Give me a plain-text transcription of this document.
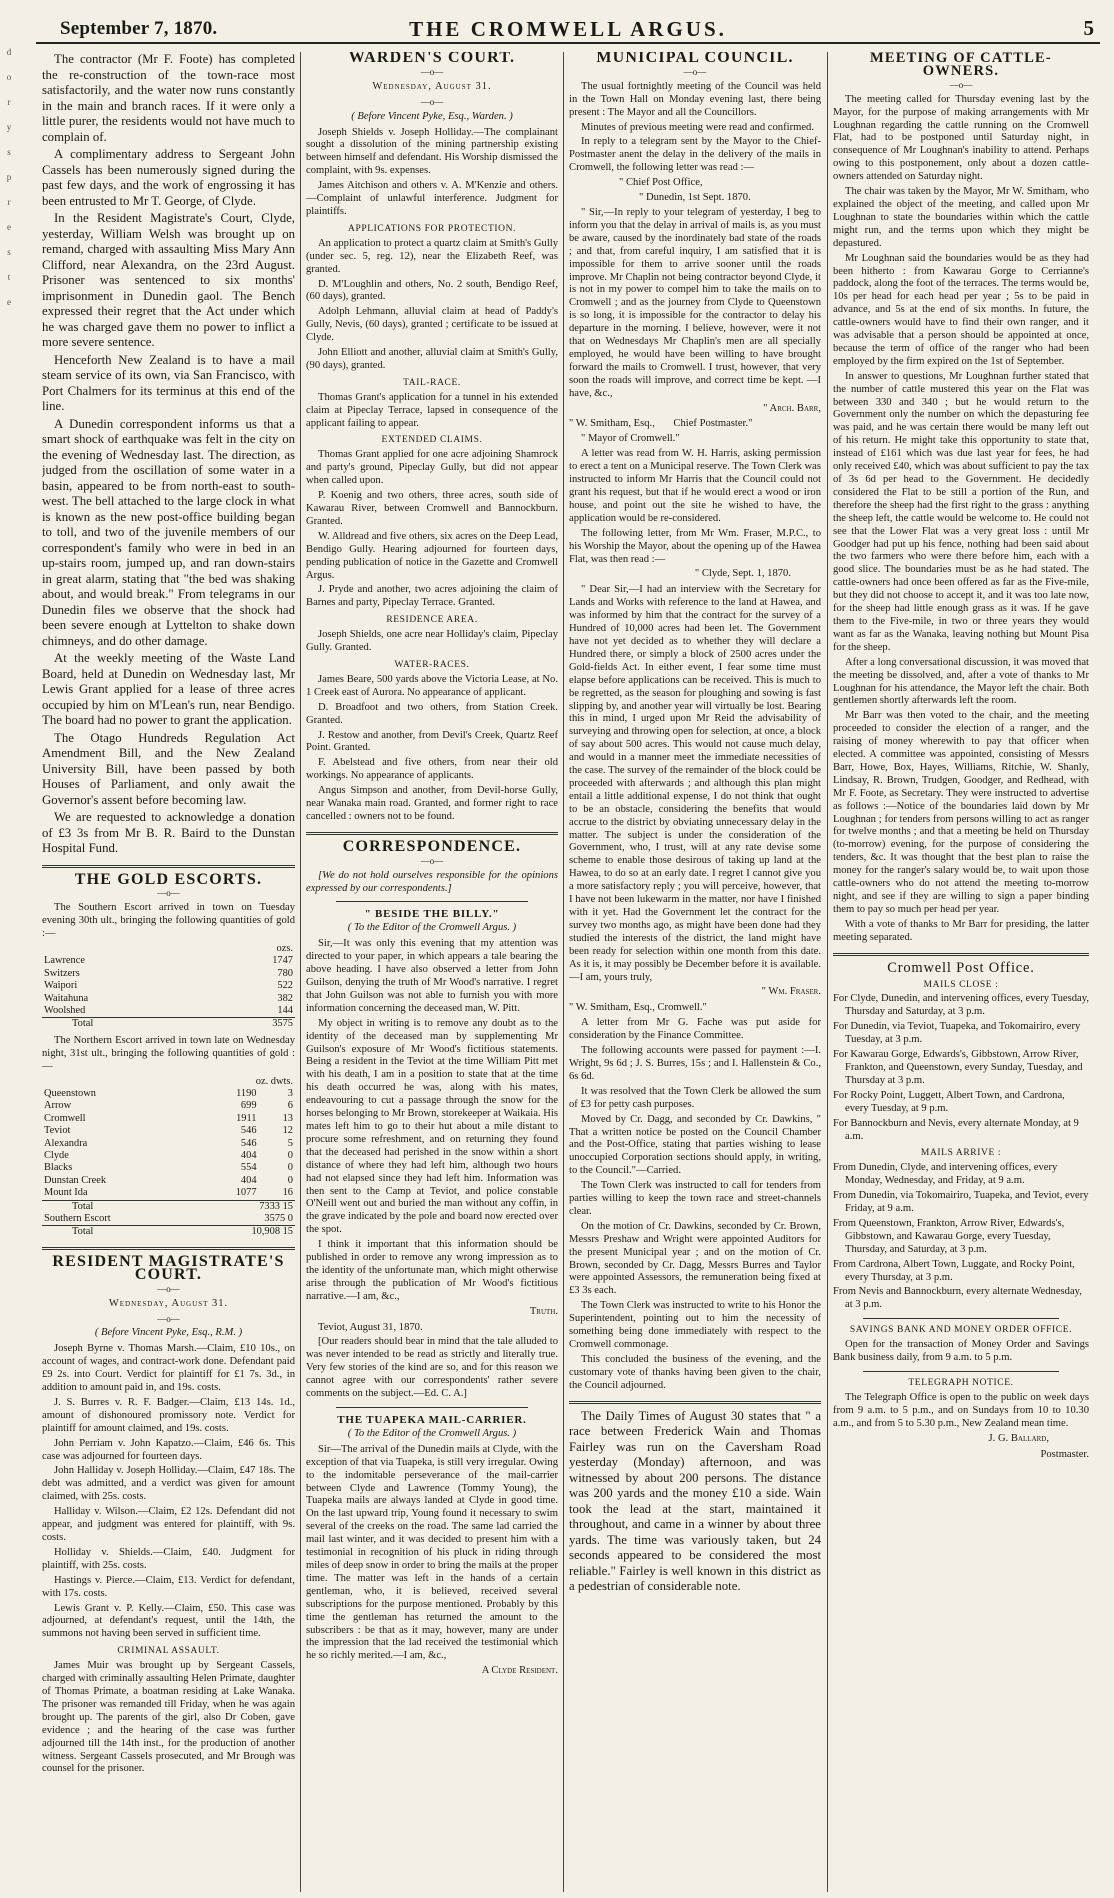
September 7, 1870.	THE CROMWELL ARGUS.	5
d
o
r
y
s
p
r
e
s
t
e

The contractor (Mr F. Foote) has completed the re-construction of the town-race most satisfactorily, and the water now runs constantly in the main and branch races. If it were only a little purer, the residents would not have much to complain of.

A complimentary address to Sergeant John Cassels has been numerously signed during the past few days, and the work of engrossing it has been entrusted to Mr T. George, of Clyde.

In the Resident Magistrate's Court, Clyde, yesterday, William Welsh was brought up on remand, charged with assaulting Miss Mary Ann Clifford, near Alexandra, on the 23rd August. Prisoner was sentenced to six months' imprisonment in Dunedin gaol. The Bench expressed their regret that the Act under which he was charged gave them no power to inflict a more severe sentence.

Henceforth New Zealand is to have a mail steam service of its own, via San Francisco, with Port Chalmers for its terminus at this end of the line.

A Dunedin correspondent informs us that a smart shock of earthquake was felt in the city on the evening of Wednesday last. The direction, as judged from the oscillation of some water in a basin, appeared to be from north-east to south-west. The bell attached to the large clock in what is known as the new post-office building began to toll, and two of the juvenile members of our correspondent's family who were in bed in an up-stairs room, jumped up, and ran down-stairs in great alarm, stating that "the bed was shaking about, and would break." From telegrams in our Dunedin files we observe that the shock had been severe enough at Lyttelton to shake down chimneys, and do other damage.

At the weekly meeting of the Waste Land Board, held at Dunedin on Wednesday last, Mr Lewis Grant applied for a lease of three acres occupied by him on M'Lean's run, near Bendigo. The board had no power to grant the application.

The Otago Hundreds Regulation Act Amendment Bill, and the New Zealand University Bill, have been passed by both Houses of Parliament, and only await the Governor's assent before becoming law.

We are requested to acknowledge a donation of £3 3s from Mr B. R. Baird to the Dunstan Hospital Fund.

THE GOLD ESCORTS.
—o—

The Southern Escort arrived in town on Tuesday evening 30th ult., bringing the following quantities of gold :—

	ozs.
Lawrence	1747
Switzers	780
Waipori	522
Waitahuna	382
Woolshed	144
Total	3575

The Northern Escort arrived in town late on Wednesday night, 31st ult., bringing the following quantities of gold :—

	oz. dwts.	
Queenstown	1190	3
Arrow	699	6
Cromwell	1911	13
Teviot	546	12
Alexandra	546	5
Clyde	404	0
Blacks	554	0
Dunstan Creek	404	0
Mount Ida	1077	16
Total	7333 15	
Southern Escort	3575 0	
Total	10,908 15	
RESIDENT MAGISTRATE'S COURT.
—o—
Wednesday, August 31.
—o—
( Before Vincent Pyke, Esq., R.M. )

Joseph Byrne v. Thomas Marsh.—Claim, £10 10s., on account of wages, and contract-work done. Defendant paid £9 2s. into Court. Verdict for plaintiff for £1 7s. 3d., in addition to amount paid in, and 19s. costs.

J. S. Burres v. R. F. Badger.—Claim, £13 14s. 1d., amount of dishonoured promissory note. Verdict for plaintiff for amount claimed, and 19s. costs.

John Perriam v. John Kapatzo.—Claim, £46 6s. This case was adjourned for fourteen days.

John Halliday v. Joseph Holliday.—Claim, £47 18s. The debt was admitted, and a verdict was given for amount claimed, with 25s. costs.

Halliday v. Wilson.—Claim, £2 12s. Defendant did not appear, and judgment was entered for plaintiff, with 9s. costs.

Holliday v. Shields.—Claim, £40. Judgment for plaintiff, with 25s. costs.

Hastings v. Pierce.—Claim, £13. Verdict for defendant, with 17s. costs.

Lewis Grant v. P. Kelly.—Claim, £50. This case was adjourned, at defendant's request, until the 14th, the summons not having been served in sufficient time.

CRIMINAL ASSAULT.

James Muir was brought up by Sergeant Cassels, charged with criminally assaulting Helen Primate, daughter of Thomas Primate, a boatman residing at Lake Wanaka. The prisoner was remanded till Friday, when he was again brought up. The parents of the girl, also Dr Coben, gave evidence ; and the hearing of the case was further adjourned till the 14th inst., for the production of another witness. Sergeant Cassels prosecuted, and Mr Brough was counsel for the prisoner.

WARDEN'S COURT.
—o—
Wednesday, August 31.
—o—
( Before Vincent Pyke, Esq., Warden. )

Joseph Shields v. Joseph Holliday.—The complainant sought a dissolution of the mining partnership existing between himself and defendant. His Worship dismissed the complaint, with 9s. expenses.

James Aitchison and others v. A. M'Kenzie and others.—Complaint of unlawful interference. Judgment for plaintiffs.

APPLICATIONS FOR PROTECTION.

An application to protect a quartz claim at Smith's Gully (under sec. 5, reg. 12), near the Elizabeth Reef, was granted.

D. M'Loughlin and others, No. 2 south, Bendigo Reef, (60 days), granted.

Adolph Lehmann, alluvial claim at head of Paddy's Gully, Nevis, (60 days), granted ; certificate to be issued at Clyde.

John Elliott and another, alluvial claim at Smith's Gully, (90 days), granted.

TAIL-RACE.

Thomas Grant's application for a tunnel in his extended claim at Pipeclay Terrace, lapsed in consequence of the applicant failing to appear.

EXTENDED CLAIMS.

Thomas Grant applied for one acre adjoining Shamrock and party's ground, Pipeclay Gully, but did not appear when called upon.

P. Koenig and two others, three acres, south side of Kawarau River, between Cromwell and Bannockburn. Granted.

W. Alldread and five others, six acres on the Deep Lead, Bendigo Gully. Hearing adjourned for fourteen days, pending publication of notice in the Gazette and Cromwell Argus.

J. Pryde and another, two acres adjoining the claim of Barnes and party, Pipeclay Terrace. Granted.

RESIDENCE AREA.

Joseph Shields, one acre near Holliday's claim, Pipeclay Gully. Granted.

WATER-RACES.

James Beare, 500 yards above the Victoria Lease, at No. 1 Creek east of Aurora. No appearance of applicant.

D. Broadfoot and two others, from Station Creek. Granted.

J. Restow and another, from Devil's Creek, Quartz Reef Point. Granted.

F. Abelstead and five others, from near their old workings. No appearance of applicants.

Angus Simpson and another, from Devil-horse Gully, near Wanaka main road. Granted, and former right to race cancelled : owners not to be found.

CORRESPONDENCE.
—o—

[We do not hold ourselves responsible for the opinions expressed by our correspondents.]

" BESIDE THE BILLY."
( To the Editor of the Cromwell Argus. )

Sir,—It was only this evening that my attention was directed to your paper, in which appears a tale bearing the above heading. I have also observed a letter from John Guilson, denying the truth of Mr Wood's narrative. I regret that John Guilson was not able to furnish you with more information concerning the deceased man, W. Pitt.

My object in writing is to remove any doubt as to the identity of the deceased man by supplementing Mr Guilson's exposure of Mr Wood's fictitious statements. Being a resident in the Teviot at the time William Pitt met with his death, I am in a position to state that at the time his death occurred he was, along with his mates, endeavouring to cut a passage through the snow for the horses belonging to Mr Brown, storekeeper at Waikaia. His mates left him to go to their hut about a mile distant to procure some refreshment, and on returning they found that the deceased had perished in the snow within a short distance of where they had left him, although two hours had not elapsed since they had left him. Information was then sent to the Camp at Teviot, and police constable O'Neill went out and buried the man without any coffin, in the grave indicated by the pole and board now erected over the spot.

I think it important that this information should be published in order to remove any wrong impression as to the identity of the unfortunate man, which might otherwise arise through the publication of Mr Wood's fictitious narrative.—I am, &c.,

Truth.

Teviot, August 31, 1870.

[Our readers should bear in mind that the tale alluded to was never intended to be read as strictly and literally true. Very few stories of the kind are so, and for this reason we cannot agree with our correspondents' rather severe comments on the subject.—Ed. C. A.]

THE TUAPEKA MAIL-CARRIER.
( To the Editor of the Cromwell Argus. )

Sir—The arrival of the Dunedin mails at Clyde, with the exception of that via Tuapeka, is still very irregular. Owing to the indomitable perseverance of the mail-carrier between Clyde and Lawrence (Tommy Young), the Tuapeka mails are always landed at Clyde in good time. On the last upward trip, Young found it necessary to swim several of the creeks on the road. The same lad carried the mail last winter, and it was decided to present him with a testimonial in recognition of his pluck in riding through miles of deep snow in order to bring the mails at the proper time. The matter was left in the hands of a certain gentleman, who, it is believed, received several subscriptions for the purpose mentioned. Probably by this time the gentleman has returned the amount to the subscribers : be that as it may, however, many are under the impression that the lad received the testimonial which he so richly merited.—I am, &c.,

A Clyde Resident.
MUNICIPAL COUNCIL.
—o—

The usual fortnightly meeting of the Council was held in the Town Hall on Monday evening last, there being present : The Mayor and all the Councillors.

Minutes of previous meeting were read and confirmed.

In reply to a telegram sent by the Mayor to the Chief-Postmaster anent the delay in the delivery of the mails in Cromwell, the following letter was read :—

" Chief Post Office,

" Dunedin, 1st Sept. 1870.

" Sir,—In reply to your telegram of yesterday, I beg to inform you that the delay in arrival of mails is, as you must be aware, caused by the inordinately bad state of the roads ; and that, from careful inquiry, I am satisfied that it is impossible for them to arrive sooner until the roads improve. Mr Chaplin not being contractor beyond Clyde, it is not in my power to compel him to take the mails on to Cromwell ; and as the journey from Clyde to Queenstown is so long, it is impossible for the contractor to delay his departure in the morning. I believe, however, were it not that on Wednesdays Mr Chaplin's men are all specially employed, he would have been willing to have brought forward the mails to Cromwell. I trust, however, that very soon the roads will improve, and correct time be kept. —I have, &c.,

" Arch. Barr,

" W. Smitham, Esq., Chief Postmaster."

" Mayor of Cromwell."

A letter was read from W. H. Harris, asking permission to erect a tent on a Municipal reserve. The Town Clerk was instructed to inform Mr Harris that the Council could not grant his request, but that if he would erect a wood or iron house, and point out the site he wished to have, the application would be re-considered.

The following letter, from Mr Wm. Fraser, M.P.C., to his Worship the Mayor, about the opening up of the Hawea Flat, was then read :—

" Clyde, Sept. 1, 1870.

" Dear Sir,—I had an interview with the Secretary for Lands and Works with reference to the land at Hawea, and was informed by him that the contract for the survey of a Hundred of 10,000 acres had been let. The Government have not yet decided as to whether they will declare a Hundred there, or simply a block of 2500 acres under the Gold-fields Act. In either event, I fear some time must elapse before applications can be received. This is much to be regretted, as the season for ploughing and sowing is fast slipping by, and another year will virtually be lost. Bearing this in mind, I urged upon Mr Reid the advisability of surveying and throwing open for selection, at once, a block of say about 500 acres. This would not cause much delay, and would in a manner meet the immediate necessities of the case. The survey of the remainder of the block could be proceeded with afterwards ; and although this plan might entail a little additional expense, I do not think that ought to be an obstacle, considering the benefits that would accrue to the district by obviating unnecessary delay in the matter. The subject is under the consideration of the Government, who, I trust, will at any rate devise some scheme to enable those desirous of taking up land at the Hawea, to do so at an early date. I regret I cannot give you a more satisfactory reply ; you will perceive, however, that I have not been lukewarm in the matter, nor have I finished with it yet. Had the Government let the contract for the survey two months ago, as might have been done had they studied the interests of the district, the land might have been ready for selection within one month from this date. As it is, it may possibly be December before it is available.—I am, yours truly,

" Wm. Fraser.

" W. Smitham, Esq., Cromwell."

A letter from Mr G. Fache was put aside for consideration by the Finance Committee.

The following accounts were passed for payment :—I. Wright, 9s 6d ; J. S. Burres, 15s ; and I. Hallenstein & Co., 6s 6d.

It was resolved that the Town Clerk be allowed the sum of £3 for petty cash purposes.

Moved by Cr. Dagg, and seconded by Cr. Dawkins, " That a written notice be posted on the Council Chamber and the Post-Office, stating that parties wishing to lease unoccupied Corporation sections should apply, in writing, to the Council."—Carried.

The Town Clerk was instructed to call for tenders from parties willing to keep the town race and street-channels clear.

On the motion of Cr. Dawkins, seconded by Cr. Brown, Messrs Preshaw and Wright were appointed Auditors for the present Municipal year ; and on the motion of Cr. Brown, seconded by Cr. Dagg, Messrs Burres and Taylor were appointed Assessors, the remuneration being fixed at £3 3s each.

The Town Clerk was instructed to write to his Honor the Superintendent, pointing out to him the necessity of something being done immediately with respect to the Cromwell commonage.

This concluded the business of the evening, and the customary vote of thanks having been given to the chair, the Council adjourned.

The Daily Times of August 30 states that " a race between Frederick Wain and Thomas Fairley was run on the Caversham Road yesterday (Monday) afternoon, and was witnessed by about 200 persons. The distance was 200 yards and the money £10 a side. Wain took the lead at the start, maintained it throughout, and came in a winner by about three yards. The time was variously taken, but 24 seconds appeared to be considered the most reliable." Fairley is well known in this district as a pedestrian of considerable note.

MEETING OF CATTLE-OWNERS.
—o—

The meeting called for Thursday evening last by the Mayor, for the purpose of making arrangements with Mr Loughnan regarding the cattle running on the Cromwell Flat, had to be postponed until Saturday night, in consequence of Mr Loughnan's inability to attend. Perhaps owing to this postponement, only about a dozen cattle-owners attended on Saturday night.

The chair was taken by the Mayor, Mr W. Smitham, who explained the object of the meeting, and called upon Mr Loughnan to state the boundaries within which the cattle might run, and the terms upon which they might be depastured.

Mr Loughnan said the boundaries would be as they had been hitherto : from Kawarau Gorge to Cerrianne's paddock, along the foot of the terraces. The terms would be, 10s per head for each head per year ; 5s to be paid in advance, and 5s at the end of six months. In future, the cattle-owners would have to find their own ranger, and it was advisable that a person should be appointed at once, because the term of office of the ranger who had been employed by the firm expired on the 1st of September.

In answer to questions, Mr Loughnan further stated that the number of cattle mustered this year on the Flat was between 330 and 340 ; but he would return to the Government only the number on which the depasturing fee was paid, and he was certain there would be many left out of his return. He might take this opportunity to state that, instead of £161 which was due last year for fees, he had only received £40, which was about sufficient to pay the tax of 3s 6d per head to the Government. He decidedly considered the Flat to be still a portion of the Run, and therefore the sheep had the first right to the grass : anything the sheep left, the cattle would be welcome to. He could not see that the Lower Flat was a very great loss : until Mr Goodger had put up his fence, nothing had been said about the two farmers who were there before him, each with a good slice. The boundaries must be as he had stated. The cattle-owners had once been offered as far as the Five-mile, but they did not choose to accept it, and it was too late now, for the sheep had little enough grass as it was. If he gave them to the Five-mile, in two or three years they would want as far as the Wanaka, leaving nothing but Mount Pisa for the sheep.

After a long conversational discussion, it was moved that the meeting be dissolved, and, after a vote of thanks to Mr Loughnan for his attendance, the Mayor left the chair. Both gentlemen shortly afterwards left the room.

Mr Barr was then voted to the chair, and the meeting proceeded to consider the election of a ranger, and the raising of money wherewith to pay that officer when elected. A committee was appointed, consisting of Messrs Barr, Howe, Box, Hayes, Williams, Ritchie, W. Shanly, Lindsay, R. Brown, Trudgen, Goodger, and Redhead, with Mr F. Foote, as Secretary. They were instructed to advertise as follows :—Notice of the boundaries laid down by Mr Loughnan ; for tenders from persons willing to act as ranger for twelve months ; and that a meeting be held on Thursday (to-morrow) evening, for the purpose of considering the tenders, &c. It was thought that the best plan to raise the money for the ranger's salary would be, to wait upon those cattle-owners who do not attend the meeting to-morrow night, and see if they are willing to sign a paper binding them to pay so much per head per year.

With a vote of thanks to Mr Barr for presiding, the latter meeting separated.

Cromwell Post Office.
MAILS CLOSE :

For Clyde, Dunedin, and intervening offices, every Tuesday, Thursday and Saturday, at 3 p.m.

For Dunedin, via Teviot, Tuapeka, and Tokomairiro, every Tuesday, at 3 p.m.

For Kawarau Gorge, Edwards's, Gibbstown, Arrow River, Frankton, and Queenstown, every Sunday, Tuesday, and Thursday at 3 p.m.

For Rocky Point, Luggett, Albert Town, and Cardrona, every Tuesday, at 9 p.m.

For Bannockburn and Nevis, every alternate Monday, at 9 a.m.

MAILS ARRIVE :

From Dunedin, Clyde, and intervening offices, every Monday, Wednesday, and Friday, at 9 a.m.

From Dunedin, via Tokomairiro, Tuapeka, and Teviot, every Friday, at 9 a.m.

From Queenstown, Frankton, Arrow River, Edwards's, Gibbstown, and Kawarau Gorge, every Tuesday, Thursday, and Saturday, at 3 p.m.

From Cardrona, Albert Town, Luggate, and Rocky Point, every Thursday, at 3 p.m.

From Nevis and Bannockburn, every alternate Wednesday, at 3 p.m.

SAVINGS BANK AND MONEY ORDER OFFICE.

Open for the transaction of Money Order and Savings Bank business daily, from 9 a.m. to 5 p.m.

TELEGRAPH NOTICE.

The Telegraph Office is open to the public on week days from 9 a.m. to 5 p.m., and on Sundays from 10 to 10.30 a.m., and from 5 to 5.30 p.m., New Zealand mean time.

J. G. Ballard,
Postmaster.
